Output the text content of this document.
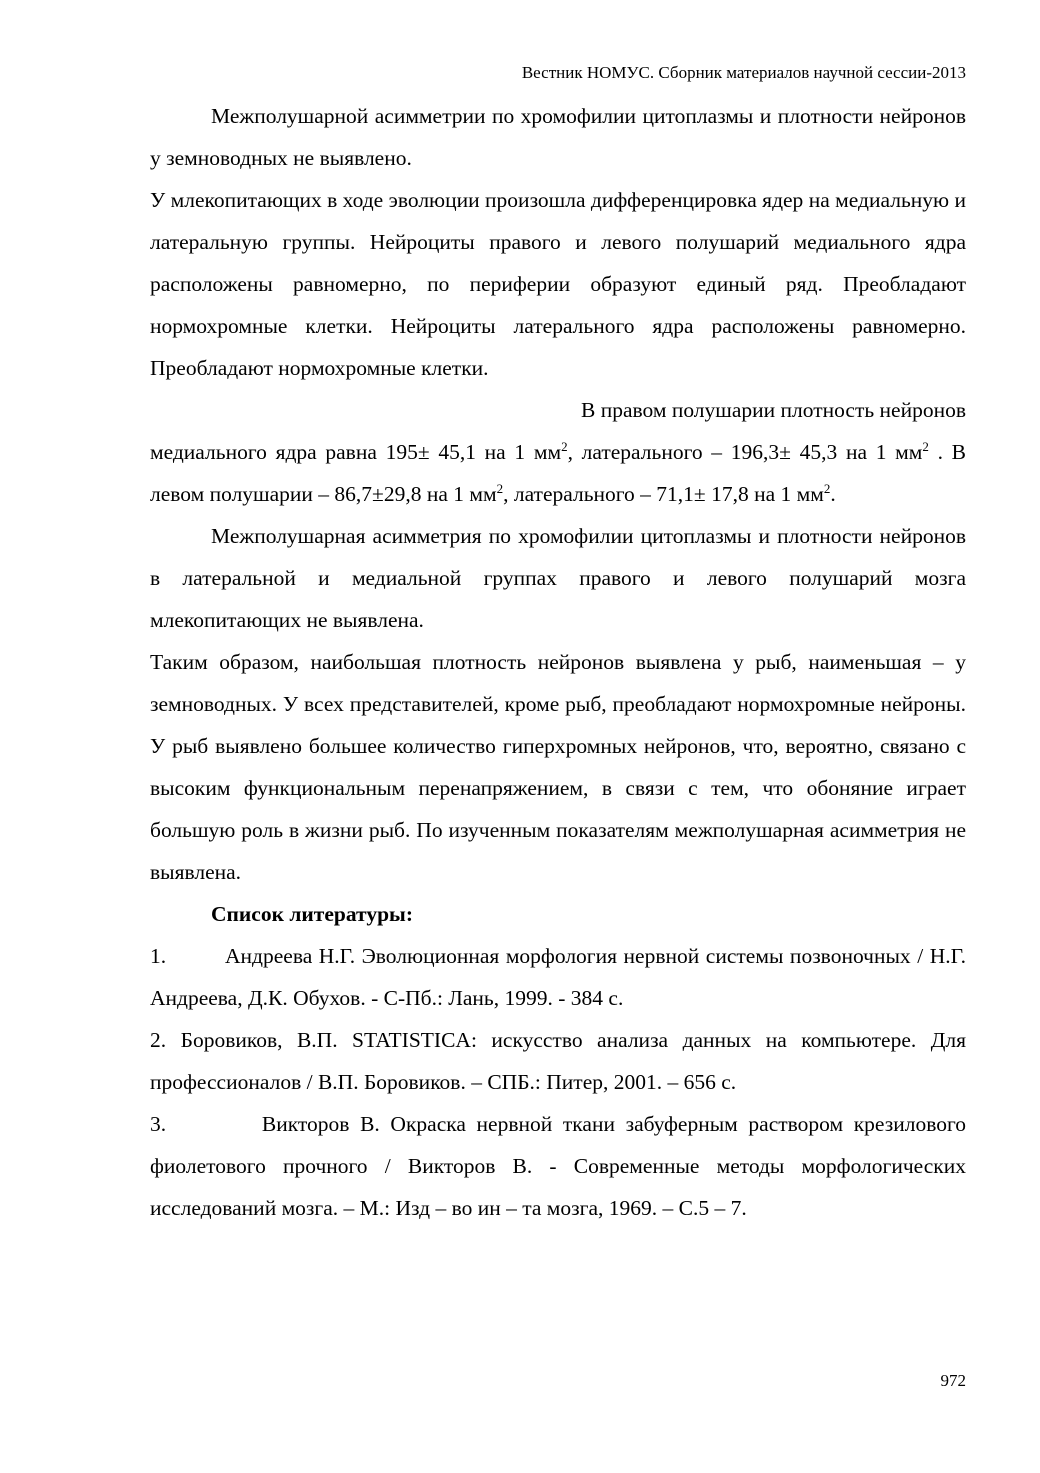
Вестник НОМУС. Сборник материалов научной сессии-2013

Межполушарной асимметрии по хромофилии цитоплазмы и плотности нейронов у земноводных не выявлено.

У млекопитающих в ходе эволюции произошла дифференцировка ядер на медиальную и латеральную группы. Нейроциты правого и левого полушарий медиального ядра расположены равномерно, по периферии образуют единый ряд. Преобладают нормохромные клетки. Нейроциты латерального ядра расположены равномерно. Преобладают нормохромные клетки.

В правом полушарии плотность нейронов

медиального ядра равна 195± 45,1 на 1 $мм^2$, латерального – 196,3± 45,3 на 1 $мм^2$ . В левом полушарии – 86,7±29,8 на 1 $мм^2$, латерального – 71,1± 17,8 на 1 $мм^2$.

Межполушарная асимметрия по хромофилии цитоплазмы и плотности нейронов в латеральной и медиальной группах правого и левого полушарий мозга млекопитающих не выявлена.

Таким образом, наибольшая плотность нейронов выявлена у рыб, наименьшая – у земноводных. У всех представителей, кроме рыб, преобладают нормохромные нейроны. У рыб выявлено большее количество гиперхромных нейронов, что, вероятно, связано с высоким функциональным перенапряжением, в связи с тем, что обоняние играет большую роль в жизни рыб. По изученным показателям межполушарная асимметрия не выявлена.

Список литературы:

1.         Андреева Н.Г. Эволюционная морфология нервной системы позвоночных / Н.Г. Андреева, Д.К. Обухов. - С-Пб.: Лань, 1999. - 384 с.

2. Боровиков, В.П. STATISTICA: искусство анализа данных на компьютере. Для профессионалов / В.П. Боровиков. – СПБ.: Питер, 2001. – 656 с.

3.         Викторов В. Окраска нервной ткани забуферным раствором крезилового фиолетового прочного / Викторов В. - Современные методы морфологических исследований мозга. – М.: Изд – во ин – та мозга, 1969. – С.5 – 7.

972
